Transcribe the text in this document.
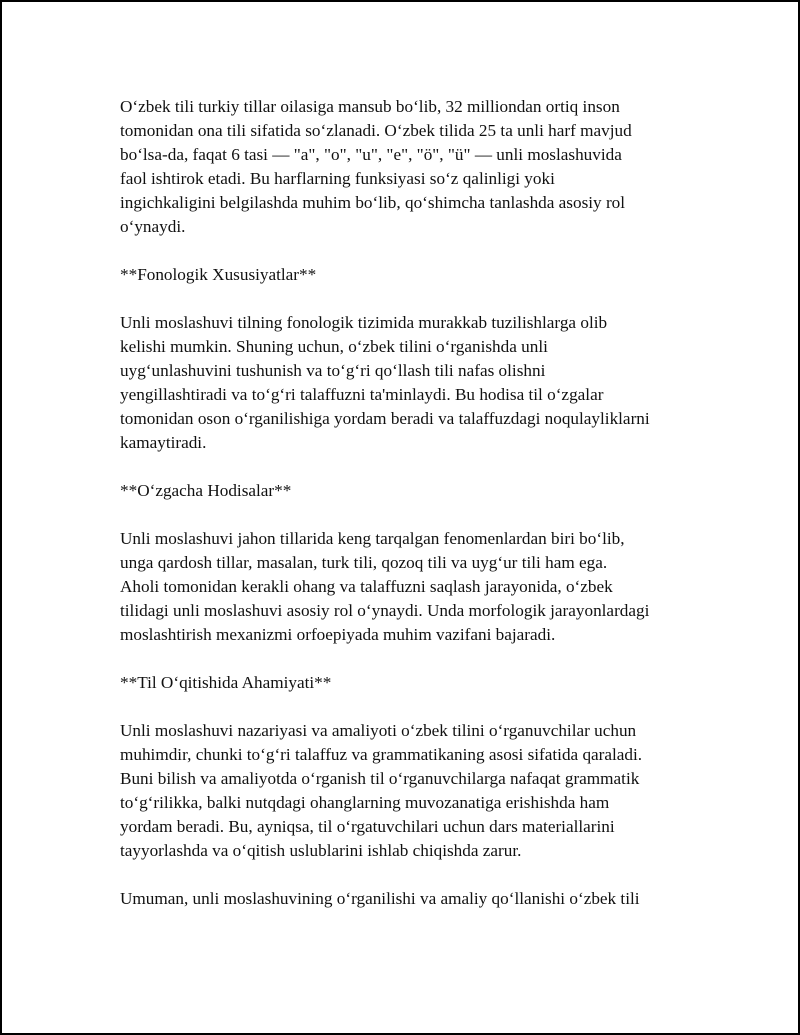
O‘zbek tili turkiy tillar oilasiga mansub bo‘lib, 32 milliondan ortiq inson
tomonidan ona tili sifatida so‘zlanadi. O‘zbek tilida 25 ta unli harf mavjud
bo‘lsa-da, faqat 6 tasi — "a", "o", "u", "e", "ö", "ü" — unli moslashuvida
faol ishtirok etadi. Bu harflarning funksiyasi so‘z qalinligi yoki
ingichkaligini belgilashda muhim bo‘lib, qo‘shimcha tanlashda asosiy rol
o‘ynaydi.

**Fonologik Xususiyatlar**

Unli moslashuvi tilning fonologik tizimida murakkab tuzilishlarga olib
kelishi mumkin. Shuning uchun, o‘zbek tilini o‘rganishda unli
uyg‘unlashuvini tushunish va to‘g‘ri qo‘llash tili nafas olishni
yengillashtiradi va to‘g‘ri talaffuzni ta'minlaydi. Bu hodisa til o‘zgalar
tomonidan oson o‘rganilishiga yordam beradi va talaffuzdagi noqulayliklarni
kamaytiradi.

**O‘zgacha Hodisalar**

Unli moslashuvi jahon tillarida keng tarqalgan fenomenlardan biri bo‘lib,
unga qardosh tillar, masalan, turk tili, qozoq tili va uyg‘ur tili ham ega.
Aholi tomonidan kerakli ohang va talaffuzni saqlash jarayonida, o‘zbek
tilidagi unli moslashuvi asosiy rol o‘ynaydi. Unda morfologik jarayonlardagi
moslashtirish mexanizmi orfoepiyada muhim vazifani bajaradi.

**Til O‘qitishida Ahamiyati**

Unli moslashuvi nazariyasi va amaliyoti o‘zbek tilini o‘rganuvchilar uchun
muhimdir, chunki to‘g‘ri talaffuz va grammatikaning asosi sifatida qaraladi.
Buni bilish va amaliyotda o‘rganish til o‘rganuvchilarga nafaqat grammatik
to‘g‘rilikka, balki nutqdagi ohanglarning muvozanatiga erishishda ham
yordam beradi. Bu, ayniqsa, til o‘rgatuvchilari uchun dars materiallarini
tayyorlashda va o‘qitish uslublarini ishlab chiqishda zarur.

Umuman, unli moslashuvining o‘rganilishi va amaliy qo‘llanishi o‘zbek tili
